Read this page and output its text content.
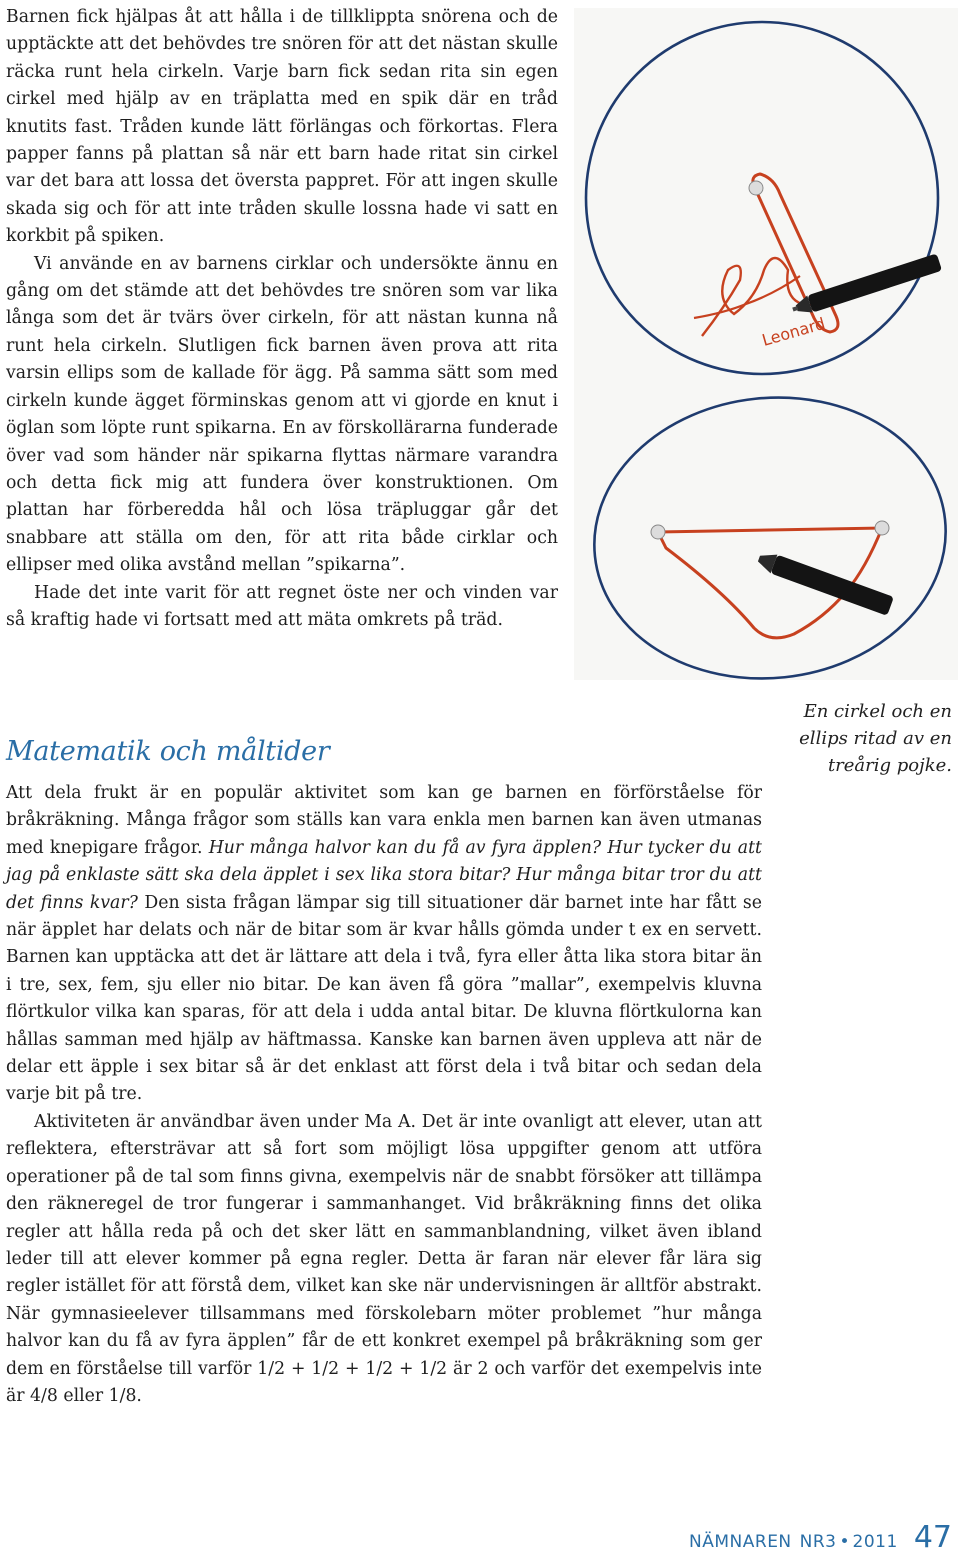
Barnen fick hjälpas åt att hålla i de tillklippta snörena och de upptäckte att det behövdes tre snören för att det nästan skulle räcka runt hela cirkeln. Varje barn fick sedan rita sin egen cirkel med hjälp av en träplatta med en spik där en tråd knutits fast. Tråden kunde lätt förlängas och förkortas. Flera papper fanns på plattan så när ett barn hade ritat sin cirkel var det bara att lossa det översta pappret. För att ingen skulle skada sig och för att inte tråden skulle lossna hade vi satt en korkbit på spiken.

Vi använde en av barnens cirklar och undersökte ännu en gång om det stämde att det behövdes tre snören som var lika långa som det är tvärs över cirkeln, för att nästan kunna nå runt hela cirkeln. Slutligen fick barnen även prova att rita varsin ellips som de kallade för ägg. På samma sätt som med cirkeln kunde ägget förminskas genom att vi gjorde en knut i öglan som löpte runt spikarna. En av förskollärarna funderade över vad som händer när spikarna flyttas närmare varandra och detta fick mig att fundera över konstruktionen. Om plattan har förberedda hål och lösa träpluggar går det snabbare att ställa om den, för att rita både cirklar och ellipser med olika avstånd mellan ”spikarna”.

Hade det inte varit för att regnet öste ner och vinden var så kraftig hade vi fortsatt med att mäta omkrets på träd.

Leonard
En cirkel och en ellips ritad av en treårig pojke.
Matematik och måltider

Att dela frukt är en populär aktivitet som kan ge barnen en förförståelse för bråkräkning. Många frågor som ställs kan vara enkla men barnen kan även utmanas med knepigare frågor. Hur många halvor kan du få av fyra äpplen? Hur tycker du att jag på enklaste sätt ska dela äpplet i sex lika stora bitar? Hur många bitar tror du att det finns kvar? Den sista frågan lämpar sig till situationer där barnet inte har fått se när äpplet har delats och när de bitar som är kvar hålls gömda under t ex en servett. Barnen kan upptäcka att det är lättare att dela i två, fyra eller åtta lika stora bitar än i tre, sex, fem, sju eller nio bitar. De kan även få göra ”mallar”, exempelvis kluvna flörtkulor vilka kan sparas, för att dela i udda antal bitar. De kluvna flörtkulorna kan hållas samman med hjälp av häftmassa. Kanske kan barnen även uppleva att när de delar ett äpple i sex bitar så är det enklast att först dela i två bitar och sedan dela varje bit på tre.

Aktiviteten är användbar även under Ma A. Det är inte ovanligt att elever, utan att reflektera, eftersträvar att så fort som möjligt lösa uppgifter genom att utföra operationer på de tal som finns givna, exempelvis när de snabbt försöker att tillämpa den räkneregel de tror fungerar i sammanhanget. Vid bråkräkning finns det olika regler att hålla reda på och det sker lätt en sammanblandning, vilket även ibland leder till att elever kommer på egna regler. Detta är faran när elever får lära sig regler istället för att förstå dem, vilket kan ske när undervisningen är alltför abstrakt. När gymnasieelever tillsammans med förskolebarn möter problemet ”hur många halvor kan du få av fyra äpplen” får de ett konkret exempel på bråkräkning som ger dem en förståelse till varför 1/2 + 1/2 + 1/2 + 1/2 är 2 och varför det exempelvis inte är 4/8 eller 1/8.

NÄMNAREN NR3 • 2011 47
